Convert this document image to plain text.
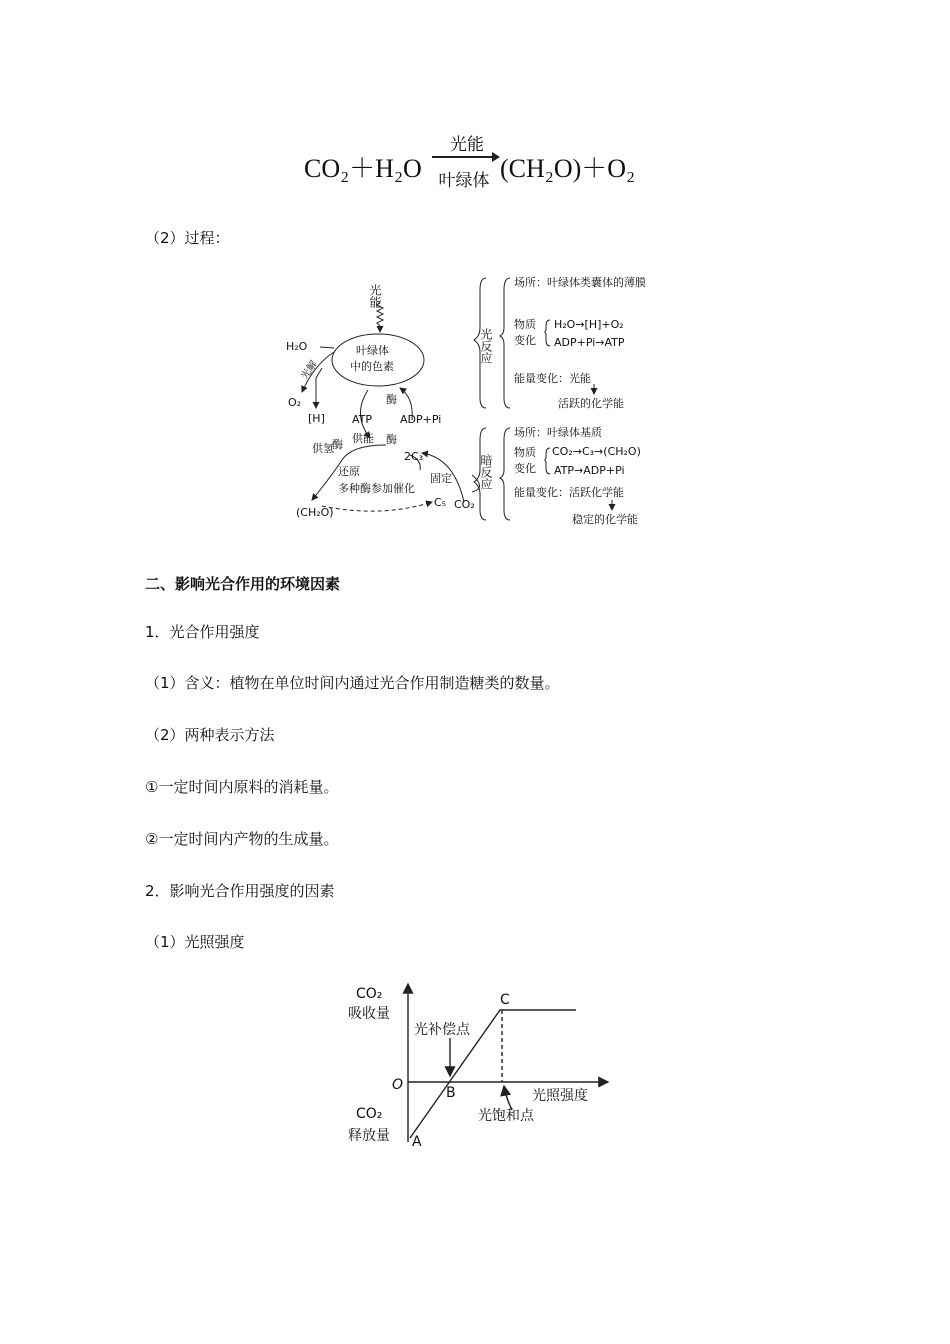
CO₂＋H₂O
光能
叶绿体 (CH₂O)＋O₂
（2）过程：
光能
叶绿体
中的色素
H₂O
光解
O₂
[H]
酶
ATP	ADP+Pi
供能 酶
供氢
酶
2C₃
还原
多种酶参加催化
固定
C₅ CO₂
(CH₂O)
光反应
场所：叶绿体类囊体的薄膜
物质
变化
H₂O→[H]+O₂
ADP+Pi→ATP
能量变化：光能
活跃的化学能
暗反应
场所：叶绿体基质
物质
变化
CO₂→C₃→(CH₂O)
ATP→ADP+Pi
能量变化：活跃化学能
稳定的化学能
二、影响光合作用的环境因素
1．光合作用强度
（1）含义：植物在单位时间内通过光合作用制造糖类的数量。
（2）两种表示方法
①一定时间内原料的消耗量。
②一定时间内产物的生成量。
2．影响光合作用强度的因素
（1）光照强度
CO₂
吸收量
CO₂
释放量
O
A
B
C
光补偿点
光饱和点
光照强度
